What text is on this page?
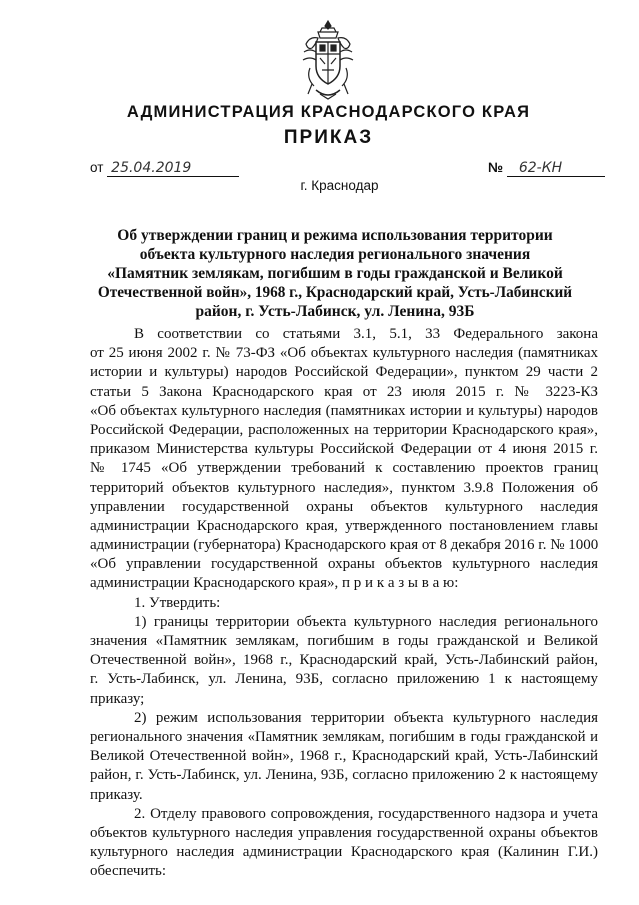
АДМИНИСТРАЦИЯ КРАСНОДАРСКОГО КРАЯ
ПРИКАЗ
от 25.04.2019	№ 62-КН
г. Краснодар
Об утверждении границ и режима использования территории
объекта культурного наследия регионального значения
«Памятник землякам, погибшим в годы гражданской и Великой
Отечественной войн», 1968 г., Краснодарский край, Усть-Лабинский
район, г. Усть-Лабинск, ул. Ленина, 93Б
В соответствии со статьями 3.1, 5.1, 33 Федерального закона
от 25 июня 2002 г. № 73-ФЗ «Об объектах культурного наследия (памятниках
истории и культуры) народов Российской Федерации», пунктом 29 части 2
статьи 5 Закона Краснодарского края от 23 июля 2015 г. № 3223-КЗ
«Об объектах культурного наследия (памятниках истории и культуры) народов
Российской Федерации, расположенных на территории Краснодарского края»,
приказом Министерства культуры Российской Федерации от 4 июня 2015 г.
№ 1745 «Об утверждении требований к составлению проектов границ
территорий объектов культурного наследия», пунктом 3.9.8 Положения об
управлении государственной охраны объектов культурного наследия
администрации Краснодарского края, утвержденного постановлением главы
администрации (губернатора) Краснодарского края от 8 декабря 2016 г. № 1000
«Об управлении государственной охраны объектов культурного наследия
администрации Краснодарского края», п р и к а з ы в а ю:
1. Утвердить:
1) границы территории объекта культурного наследия регионального
значения «Памятник землякам, погибшим в годы гражданской и Великой
Отечественной войн», 1968 г., Краснодарский край, Усть-Лабинский район,
г. Усть-Лабинск, ул. Ленина, 93Б, согласно приложению 1 к настоящему
приказу;
2) режим использования территории объекта культурного наследия
регионального значения «Памятник землякам, погибшим в годы гражданской и
Великой Отечественной войн», 1968 г., Краснодарский край, Усть-Лабинский
район, г. Усть-Лабинск, ул. Ленина, 93Б, согласно приложению 2 к настоящему
приказу.
2. Отделу правового сопровождения, государственного надзора и учета
объектов культурного наследия управления государственной охраны объектов
культурного наследия администрации Краснодарского края (Калинин Г.И.)
обеспечить:
